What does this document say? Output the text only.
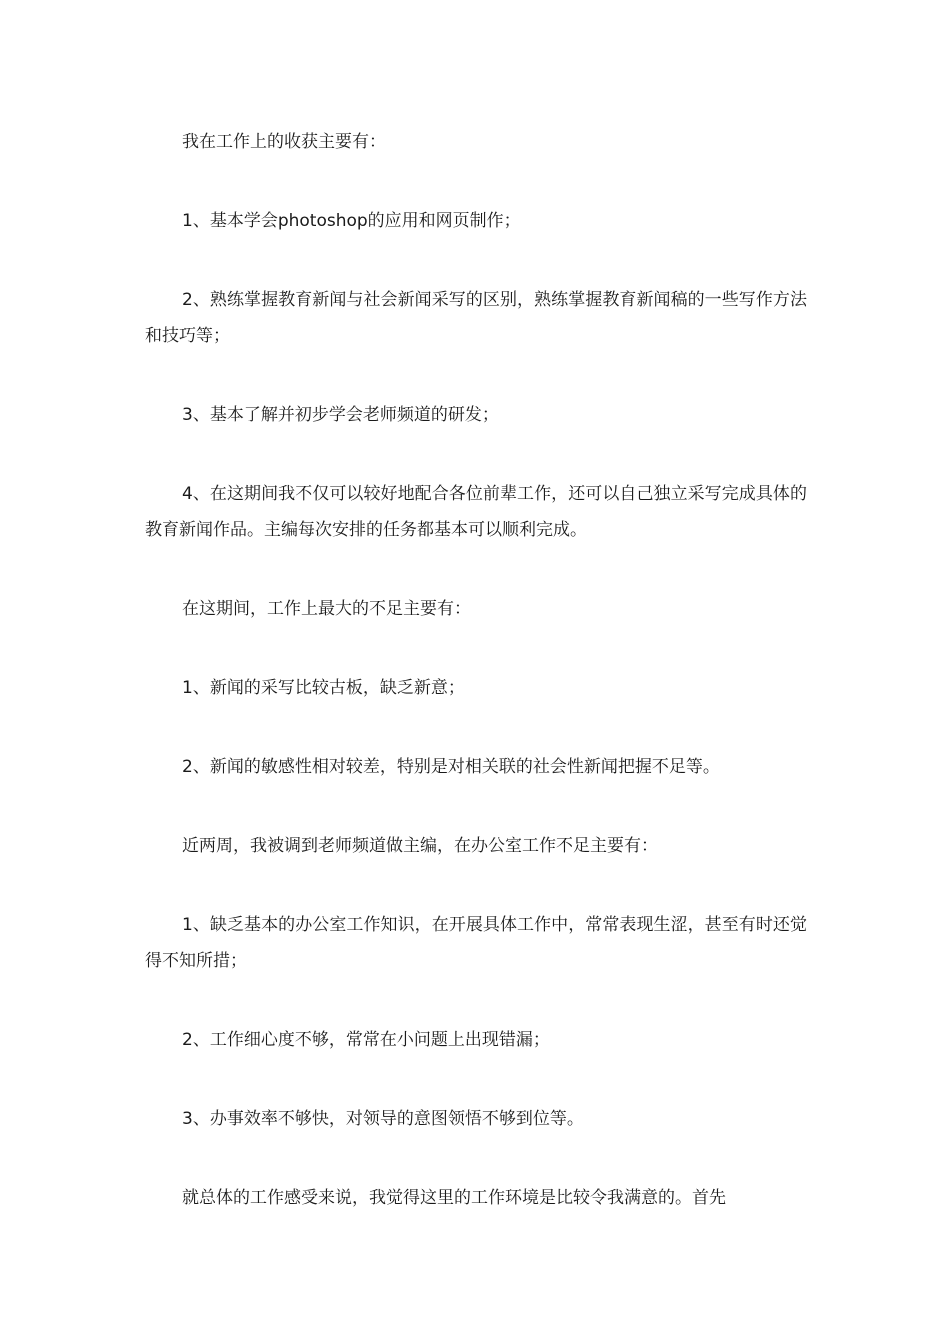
我在工作上的收获主要有：

1、基本学会photoshop的应用和网页制作；

2、熟练掌握教育新闻与社会新闻采写的区别，熟练掌握教育新闻稿的一些写作方法和技巧等；

3、基本了解并初步学会老师频道的研发；

4、在这期间我不仅可以较好地配合各位前辈工作，还可以自己独立采写完成具体的教育新闻作品。主编每次安排的任务都基本可以顺利完成。

在这期间，工作上最大的不足主要有：

1、新闻的采写比较古板，缺乏新意；

2、新闻的敏感性相对较差，特别是对相关联的社会性新闻把握不足等。

近两周，我被调到老师频道做主编，在办公室工作不足主要有：

1、缺乏基本的办公室工作知识，在开展具体工作中，常常表现生涩，甚至有时还觉得不知所措；

2、工作细心度不够，常常在小问题上出现错漏；

3、办事效率不够快，对领导的意图领悟不够到位等。

就总体的工作感受来说，我觉得这里的工作环境是比较令我满意的。首先
